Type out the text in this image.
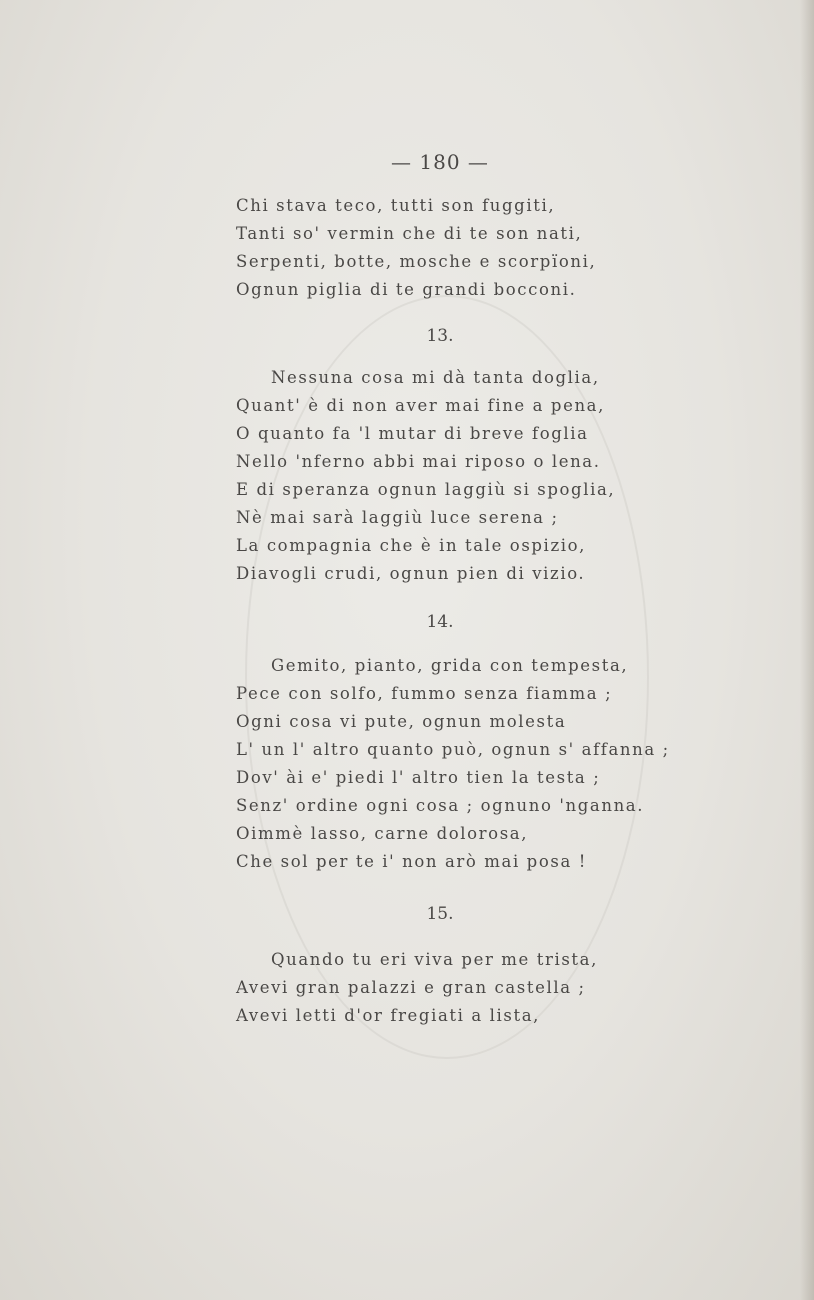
— 180 —
Chi stava teco, tutti son fuggiti,
Tanti so' vermin che di te son nati,
Serpenti, botte, mosche e scorpïoni,
Ognun piglia di te grandi bocconi.
13.
Nessuna cosa mi dà tanta doglia,
Quant' è di non aver mai fine a pena,
O quanto fa 'l mutar di breve foglia
Nello 'nferno abbi mai riposo o lena.
E di speranza ognun laggiù si spoglia,
Nè mai sarà laggiù luce serena ;
La compagnia che è in tale ospizio,
Diavogli crudi, ognun pien di vizio.
14.
Gemito, pianto, grida con tempesta,
Pece con solfo, fummo senza fiamma ;
Ogni cosa vi pute, ognun molesta
L' un l' altro quanto può, ognun s' affanna ;
Dov' ài e' piedi l' altro tien la testa ;
Senz' ordine ogni cosa ; ognuno 'nganna.
Oimmè lasso, carne dolorosa,
Che sol per te i' non arò mai posa !
15.
Quando tu eri viva per me trista,
Avevi gran palazzi e gran castella ;
Avevi letti d'or fregiati a lista,
